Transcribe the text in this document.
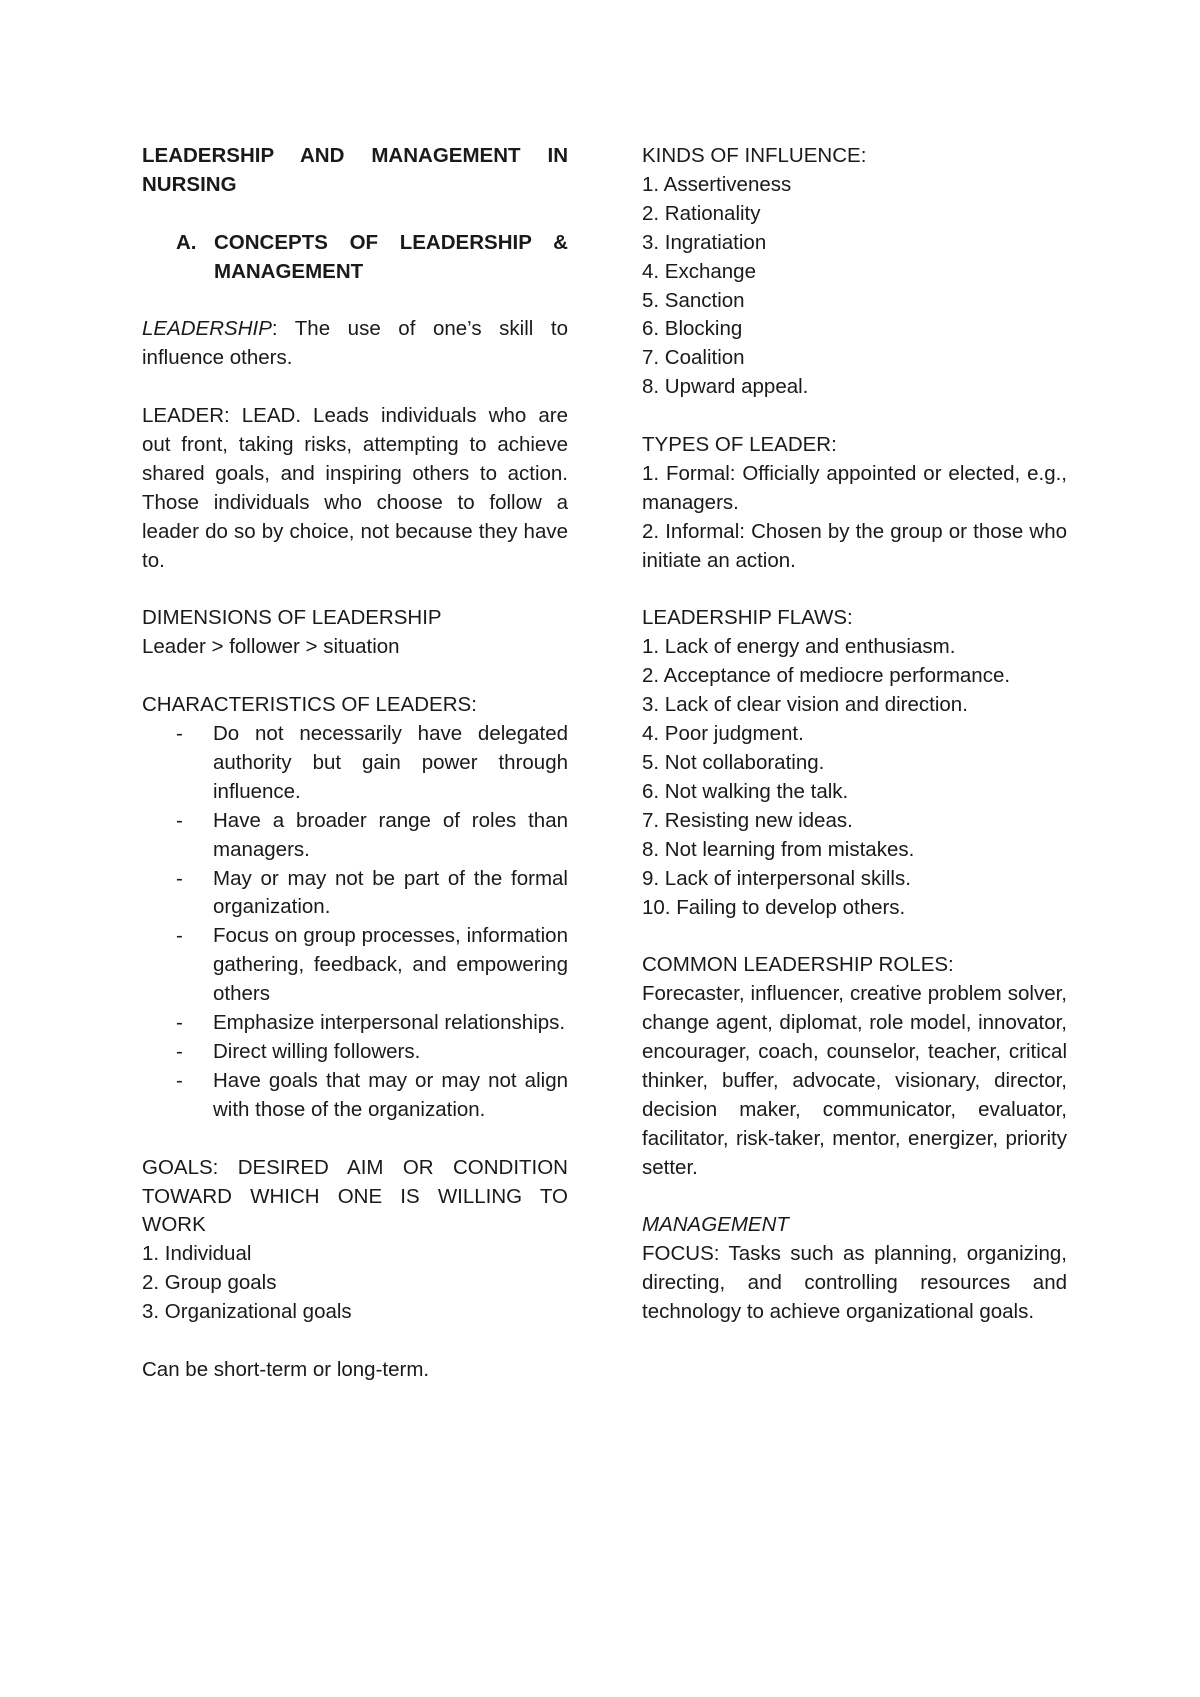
LEADERSHIP AND MANAGEMENT IN NURSING

A. CONCEPTS OF LEADERSHIP & MANAGEMENT

LEADERSHIP: The use of one’s skill to influence others.

LEADER: LEAD. Leads individuals who are out front, taking risks, attempting to achieve shared goals, and inspiring others to action. Those individuals who choose to follow a leader do so by choice, not because they have to.

DIMENSIONS OF LEADERSHIP

Leader > follower > situation

CHARACTERISTICS OF LEADERS:

-	Do not necessarily have delegated authority but gain power through influence.
-	Have a broader range of roles than managers.
-	May or may not be part of the formal organization.
-	Focus on group processes, information gathering, feedback, and empowering others
-	Emphasize interpersonal relationships.
-	Direct willing followers.
-	Have goals that may or may not align with those of the organization.

GOALS: DESIRED AIM OR CONDITION TOWARD WHICH ONE IS WILLING TO WORK

1. Individual
2. Group goals
3. Organizational goals

Can be short-term or long-term.

KINDS OF INFLUENCE:

1. Assertiveness
2. Rationality
3. Ingratiation
4. Exchange
5. Sanction
6. Blocking
7. Coalition
8. Upward appeal.

TYPES OF LEADER:

1. Formal: Officially appointed or elected, e.g., managers.

2. Informal: Chosen by the group or those who initiate an action.

LEADERSHIP FLAWS:

1. Lack of energy and enthusiasm.
2. Acceptance of mediocre performance.
3. Lack of clear vision and direction.
4. Poor judgment.
5. Not collaborating.
6. Not walking the talk.
7. Resisting new ideas.
8. Not learning from mistakes.
9. Lack of interpersonal skills.
10. Failing to develop others.

COMMON LEADERSHIP ROLES:

Forecaster, influencer, creative problem solver, change agent, diplomat, role model, innovator, encourager, coach, counselor, teacher, critical thinker, buffer, advocate, visionary, director, decision maker, communicator, evaluator, facilitator, risk-taker, mentor, energizer, priority setter.

MANAGEMENT

FOCUS: Tasks such as planning, organizing, directing, and controlling resources and technology to achieve organizational goals.
